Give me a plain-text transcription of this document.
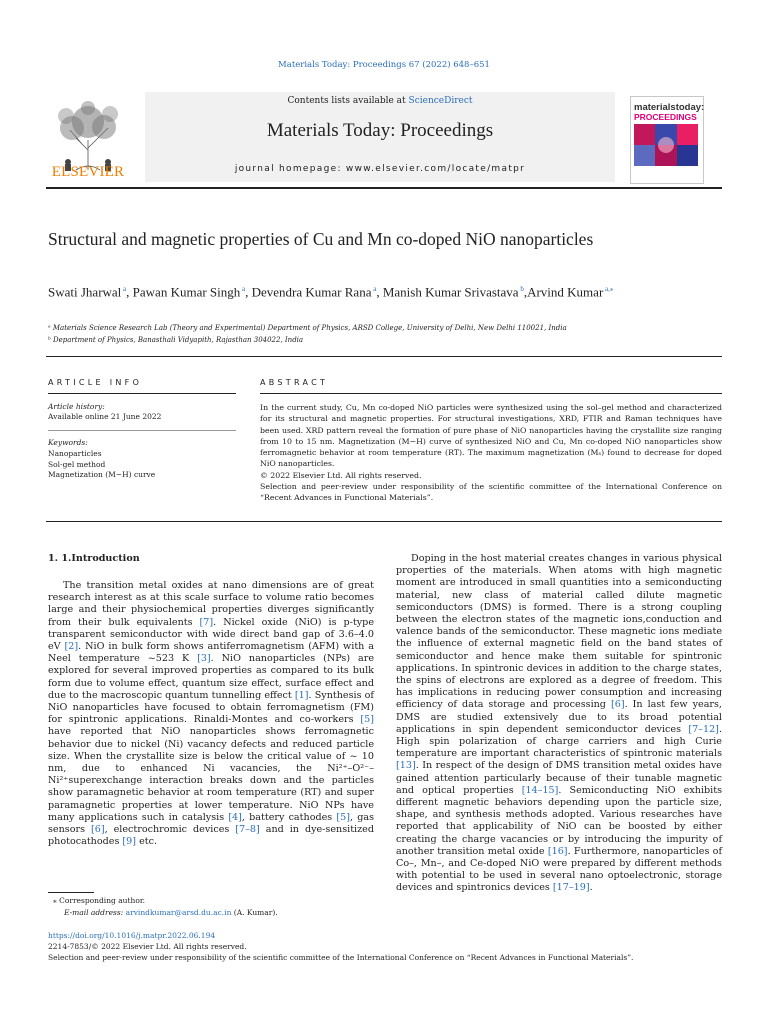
Materials Today: Proceedings 67 (2022) 648–651
Contents lists available at ScienceDirect
Materials Today: Proceedings
journal homepage: www.elsevier.com/locate/matpr
ELSEVIER
materialstoday:
PROCEEDINGS
Structural and magnetic properties of Cu and Mn co-doped NiO nanoparticles
Swati Jharwal $^a$, Pawan Kumar Singh $^a$, Devendra Kumar Rana $^a$, Manish Kumar Srivastava $^b$,Arvind Kumar $^{a,⁎}$
ᵃ Materials Science Research Lab (Theory and Experimental) Department of Physics, ARSD College, University of Delhi, New Delhi 110021, India
ᵇ Department of Physics, Banasthali Vidyapith, Rajasthan 304022, India
ARTICLE INFO
Article history:
Available online 21 June 2022
Keywords:
Nanoparticles
Sol-gel method
Magnetization (M−H) curve
ABSTRACT

In the current study, Cu, Mn co-doped NiO particles were synthesized using the sol–gel method and characterized for its structural and magnetic properties. For structural investigations, XRD, FTIR and Raman techniques have been used. XRD pattern reveal the formation of pure phase of NiO nanoparticles having the crystallite size ranging from 10 to 15 nm. Magnetization (M−H) curve of synthesized NiO and Cu, Mn co-doped NiO nanoparticles show ferromagnetic behavior at room temperature (RT). The maximum magnetization (Mₛ) found to decrease for doped NiO nanoparticles.

© 2022 Elsevier Ltd. All rights reserved.

Selection and peer-review under responsibility of the scientific committee of the International Conference on “Recent Advances in Functional Materials”.

1. 1.Introduction

The transition metal oxides at nano dimensions are of great research interest as at this scale surface to volume ratio becomes large and their physiochemical properties diverges significantly from their bulk equivalents [7]. Nickel oxide (NiO) is p-type transparent semiconductor with wide direct band gap of 3.6–4.0 eV [2]. NiO in bulk form shows antiferromagnetism (AFM) with a Neel temperature ~523 K [3]. NiO nanoparticles (NPs) are explored for several improved properties as compared to its bulk form due to volume effect, quantum size effect, surface effect and due to the macroscopic quantum tunnelling effect [1]. Synthesis of NiO nanoparticles have focused to obtain ferromagnetism (FM) for spintronic applications. Rinaldi-Montes and co-workers [5] have reported that NiO nanoparticles shows ferromagnetic behavior due to nickel (Ni) vacancy defects and reduced particle size. When the crystallite size is below the critical value of ~ 10 nm, due to enhanced Ni vacancies, the Ni²⁺–O²⁻–Ni²⁺superexchange interaction breaks down and the particles show paramagnetic behavior at room temperature (RT) and super paramagnetic properties at lower temperature. NiO NPs have many applications such in catalysis [4], battery cathodes [5], gas sensors [6], electrochromic devices [7–8] and in dye-sensitized photocathodes [9] etc.

Doping in the host material creates changes in various physical properties of the materials. When atoms with high magnetic moment are introduced in small quantities into a semiconducting material, new class of material called dilute magnetic semiconductors (DMS) is formed. There is a strong coupling between the electron states of the magnetic ions,conduction and valence bands of the semiconductor. These magnetic ions mediate the influence of external magnetic field on the band states of semiconductor and hence make them suitable for spintronic applications. In spintronic devices in addition to the charge states, the spins of electrons are explored as a degree of freedom. This has implications in reducing power consumption and increasing efficiency of data storage and processing [6]. In last few years, DMS are studied extensively due to its broad potential applications in spin dependent semiconductor devices [7–12]. High spin polarization of charge carriers and high Curie temperature are important characteristics of spintronic materials [13]. In respect of the design of DMS transition metal oxides have gained attention particularly because of their tunable magnetic and optical properties [14–15]. Semiconducting NiO exhibits different magnetic behaviors depending upon the particle size, shape, and synthesis methods adopted. Various researches have reported that applicability of NiO can be boosted by either creating the charge vacancies or by introducing the impurity of another transition metal oxide [16]. Furthermore, nanoparticles of Co–, Mn–, and Ce-doped NiO were prepared by different methods with potential to be used in several nano optoelectronic, storage devices and spintronics devices [17–19].

⁎ Corresponding author.
E-mail address: arvindkumar@arsd.du.ac.in (A. Kumar).
https://doi.org/10.1016/j.matpr.2022.06.194
2214-7853/© 2022 Elsevier Ltd. All rights reserved.
Selection and peer-review under responsibility of the scientific committee of the International Conference on “Recent Advances in Functional Materials”.
